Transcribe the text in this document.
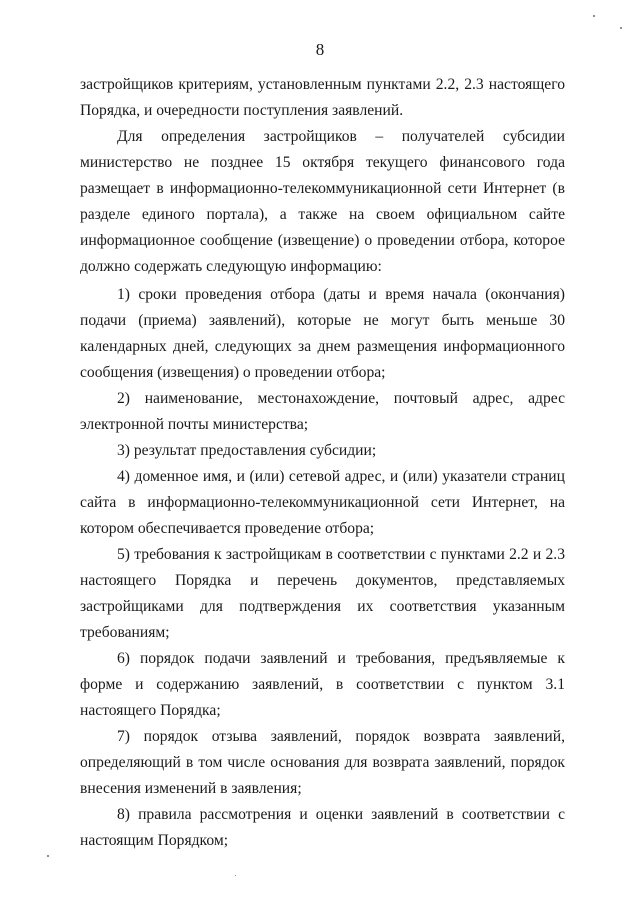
8
застройщиков критериям, установленным пунктами 2.2, 2.3 настоящего Порядка, и очередности поступления заявлений.
Для определения застройщиков – получателей субсидии министерство не позднее 15 октября текущего финансового года размещает в информационно-телекоммуникационной сети Интернет (в разделе единого портала), а также на своем официальном сайте информационное сообщение (извещение) о проведении отбора, которое должно содержать следующую информацию:
1) сроки проведения отбора (даты и время начала (окончания) подачи (приема) заявлений), которые не могут быть меньше 30 календарных дней, следующих за днем размещения информационного сообщения (извещения) о проведении отбора;
2) наименование, местонахождение, почтовый адрес, адрес электронной почты министерства;
3) результат предоставления субсидии;
4) доменное имя, и (или) сетевой адрес, и (или) указатели страниц сайта в информационно-телекоммуникационной сети Интернет, на котором обеспечивается проведение отбора;
5) требования к застройщикам в соответствии с пунктами 2.2 и 2.3 настоящего Порядка и перечень документов, представляемых застройщиками для подтверждения их соответствия указанным требованиям;
6) порядок подачи заявлений и требования, предъявляемые к форме и содержанию заявлений, в соответствии с пунктом 3.1 настоящего Порядка;
7) порядок отзыва заявлений, порядок возврата заявлений, определяющий в том числе основания для возврата заявлений, порядок внесения изменений в заявления;
8) правила рассмотрения и оценки заявлений в соответствии с настоящим Порядком;
